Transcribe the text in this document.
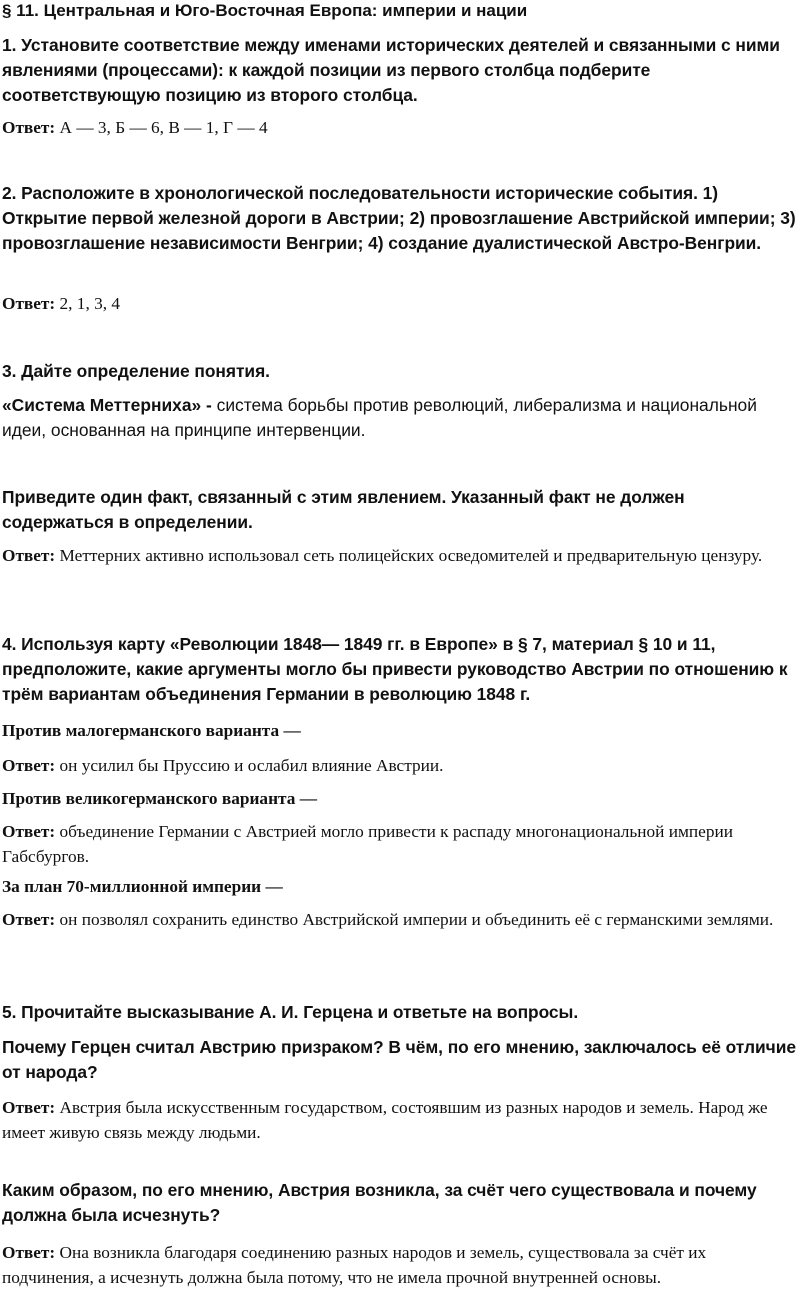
§ 11. Центральная и Юго-Восточная Европа: империи и нации

1. Установите соответствие между именами исторических деятелей и связанными с ними явлениями (процессами): к каждой позиции из первого столбца подберите соответствующую позицию из второго столбца.

Ответ: А — 3, Б — 6, В — 1, Г — 4

2. Расположите в хронологической последовательности исторические события. 1) Открытие первой железной дороги в Австрии; 2) провозглашение Австрийской империи; 3) провозглашение независимости Венгрии; 4) создание дуалистической Австро-Венгрии.

Ответ: 2, 1, 3, 4

3. Дайте определение понятия.

«Система Меттерниха» - система борьбы против революций, либерализма и национальной идеи, основанная на принципе интервенции.

Приведите один факт, связанный с этим явлением. Указанный факт не должен содержаться в определении.

Ответ: Меттерних активно использовал сеть полицейских осведомителей и предварительную цензуру.

4. Используя карту «Революции 1848— 1849 гг. в Европе» в § 7, материал § 10 и 11, предположите, какие аргументы могло бы привести руководство Австрии по отношению к трём вариантам объединения Германии в революцию 1848 г.

Против малогерманского варианта —

Ответ: он усилил бы Пруссию и ослабил влияние Австрии.

Против великогерманского варианта —

Ответ: объединение Германии с Австрией могло привести к распаду многонациональной империи Габсбургов.

За план 70-миллионной империи —

Ответ: он позволял сохранить единство Австрийской империи и объединить её с германскими землями.

5. Прочитайте высказывание А. И. Герцена и ответьте на вопросы.

Почему Герцен считал Австрию призраком? В чём, по его мнению, заключалось её отличие от народа?

Ответ: Австрия была искусственным государством, состоявшим из разных народов и земель. Народ же имеет живую связь между людьми.

Каким образом, по его мнению, Австрия возникла, за счёт чего существовала и почему должна была исчезнуть?

Ответ: Она возникла благодаря соединению разных народов и земель, существовала за счёт их подчинения, а исчезнуть должна была потому, что не имела прочной внутренней основы.
